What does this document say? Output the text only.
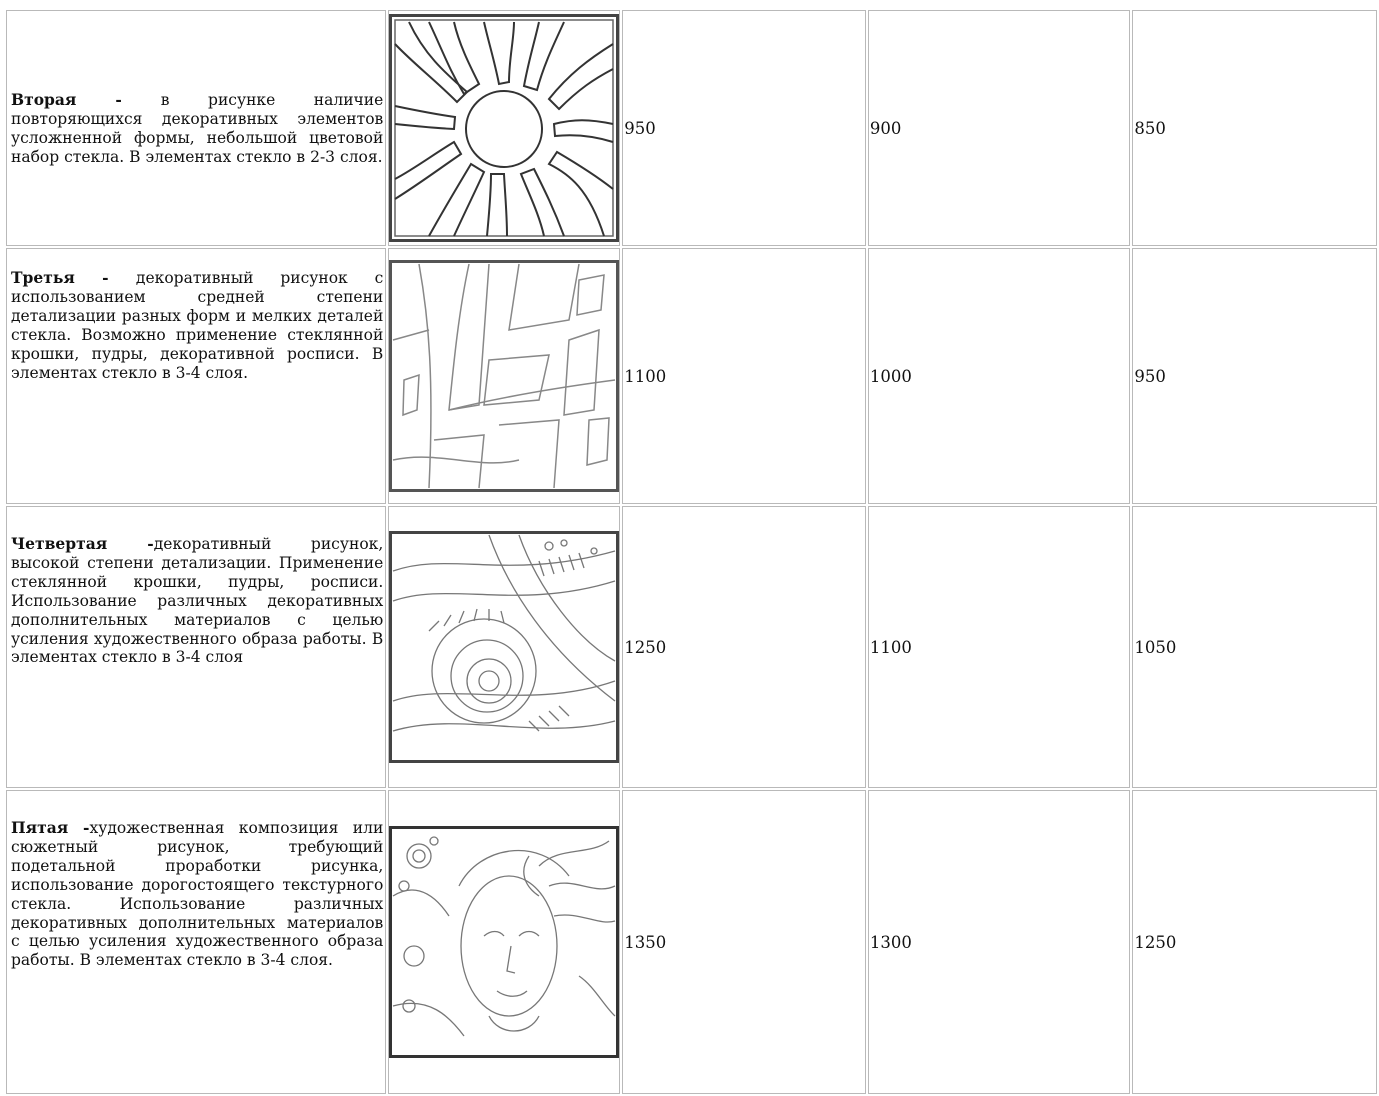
Вторая - в рисунке наличие повторяющихся декоративных элементов усложненной формы, небольшой цветовой набор стекла. В элементах стекло в 2-3 слоя.		950	900	850
Третья - декоративный рисунок с использованием средней степени детализации разных форм и мелких деталей стекла. Возможно применение стеклянной крошки, пудры, декоративной росписи. В элементах стекло в 3-4 слоя.		1100	1000	950
Четвертая -декоративный рисунок, высокой степени детализации. Применение стеклянной крошки, пудры, росписи. Использование различных декоративных дополнительных материалов с целью усиления художественного образа работы. В элементах стекло в 3-4 слоя		1250	1100	1050
Пятая -художественная композиция или сюжетный рисунок, требующий подетальной проработки рисунка, использование дорогостоящего текстурного стекла. Использование различных декоративных дополнительных материалов с целью усиления художественного образа работы. В элементах стекло в 3-4 слоя.		1350	1300	1250
